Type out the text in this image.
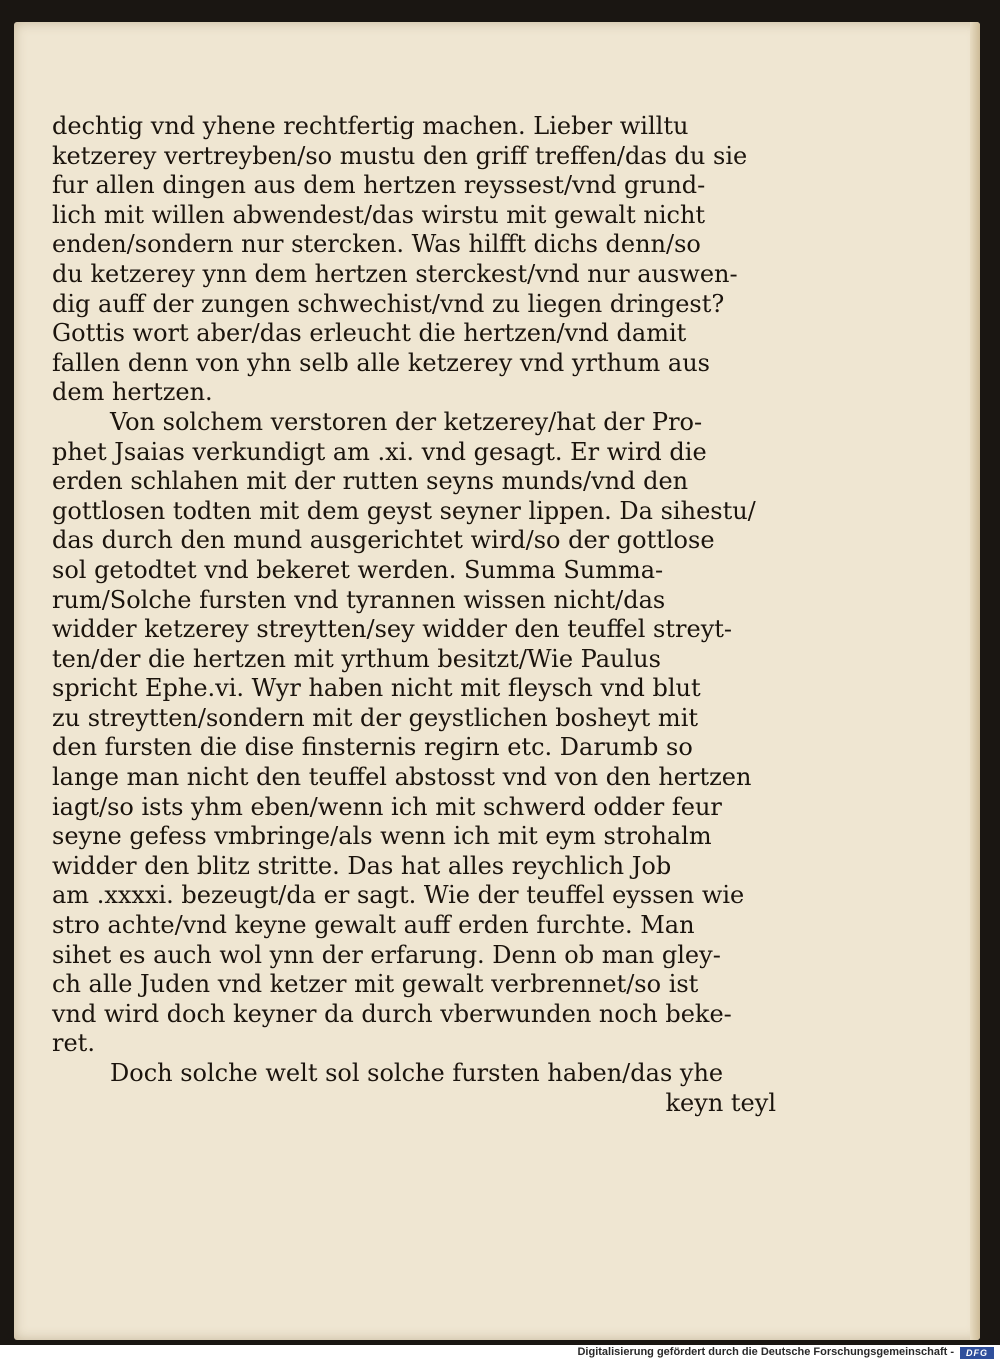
dechtig vnd yhene rechtfertig machen. Lieber willtu
ketzerey vertreyben/so mustu den griff treffen/das du sie
fur allen dingen aus dem hertzen reyssest/vnd grund-
lich mit willen abwendest/das wirstu mit gewalt nicht
enden/sondern nur stercken. Was hilfft dichs denn/so
du ketzerey ynn dem hertzen sterckest/vnd nur auswen-
dig auff der zungen schwechist/vnd zu liegen dringest?
Gottis wort aber/das erleucht die hertzen/vnd damit
fallen denn von yhn selb alle ketzerey vnd yrthum aus
dem hertzen.
Von solchem verstoren der ketzerey/hat der Pro-
phet Jsaias verkundigt am .xi. vnd gesagt. Er wird die
erden schlahen mit der rutten seyns munds/vnd den
gottlosen todten mit dem geyst seyner lippen. Da sihestu/
das durch den mund ausgerichtet wird/so der gottlose
sol getodtet vnd bekeret werden. Summa Summa-
rum/Solche fursten vnd tyrannen wissen nicht/das
widder ketzerey streytten/sey widder den teuffel streyt-
ten/der die hertzen mit yrthum besitzt/Wie Paulus
spricht Ephe.vi. Wyr haben nicht mit fleysch vnd blut
zu streytten/sondern mit der geystlichen bosheyt mit
den fursten die dise finsternis regirn etc. Darumb so
lange man nicht den teuffel abstosst vnd von den hertzen
iagt/so ists yhm eben/wenn ich mit schwerd odder feur
seyne gefess vmbringe/als wenn ich mit eym strohalm
widder den blitz stritte. Das hat alles reychlich Job
am .xxxxi. bezeugt/da er sagt. Wie der teuffel eyssen wie
stro achte/vnd keyne gewalt auff erden furchte. Man
sihet es auch wol ynn der erfarung. Denn ob man gley-
ch alle Juden vnd ketzer mit gewalt verbrennet/so ist
vnd wird doch keyner da durch vberwunden noch beke-
ret.
Doch solche welt sol solche fursten haben/das yhe
keyn teyl
Digitalisierung gefördert durch die Deutsche Forschungsgemeinschaft -	DFG
